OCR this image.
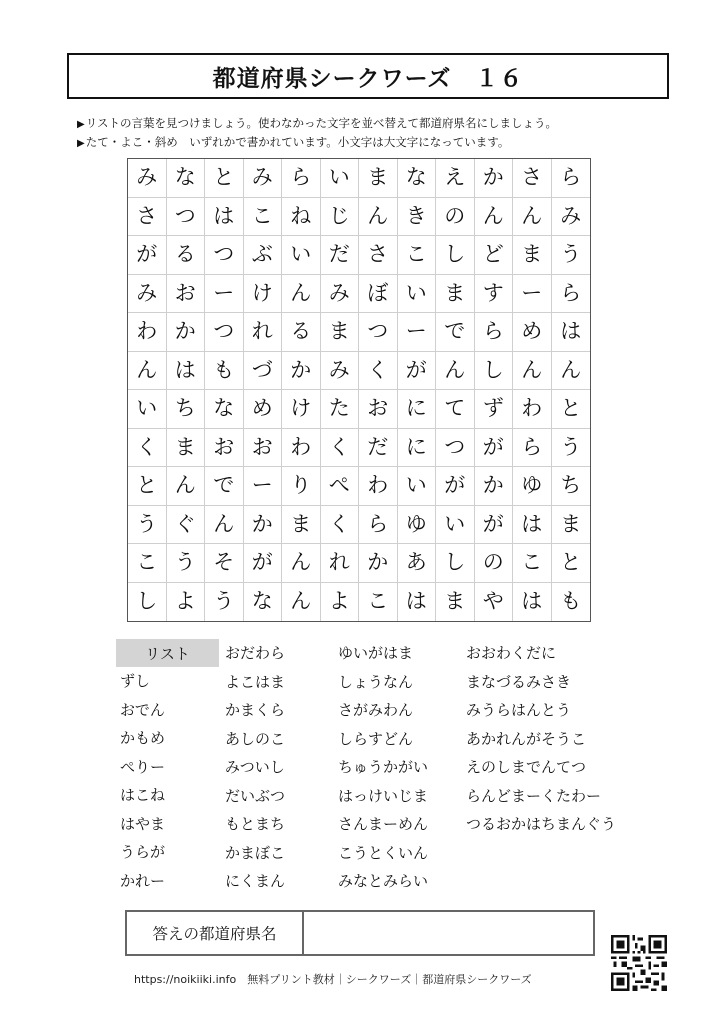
都道府県シークワーズ　１６
▶リストの言葉を見つけましょう。使わなかった文字を並べ替えて都道府県名にしましょう。
▶たて・よこ・斜め　いずれかで書かれています。小文字は大文字になっています。
み な と み ら い ま な え か さ ら
さ つ は こ ね じ ん き の ん ん み
が る つ ぶ い だ さ こ し ど ま う
み お ー け ん み ぼ い ま す ー ら
わ か つ れ る ま つ ー で ら め は
ん は も づ か み く が ん し ん ん
い ち な め け た お に て ず わ と
く ま お お わ く だ に つ が ら う
と ん で ー り ぺ わ い が か ゆ ち
う ぐ ん か ま く ら ゆ い が は ま
こ う そ が ん れ か あ し の こ と
し よ う な ん よ こ は ま や は も
リスト
ずし
おでん
かもめ
ぺりー
はこね
はやま
うらが
かれー
おだわら
よこはま
かまくら
あしのこ
みついし
だいぶつ
もとまち
かまぼこ
にくまん
ゆいがはま
しょうなん
さがみわん
しらすどん
ちゅうかがい
はっけいじま
さんまーめん
こうとくいん
みなとみらい
おおわくだに
まなづるみさき
みうらはんとう
あかれんがそうこ
えのしまでんてつ
らんどまーくたわー
つるおかはちまんぐう
答えの都道府県名
https://noikiiki.info　無料プリント教材｜シークワーズ｜都道府県シークワーズ
